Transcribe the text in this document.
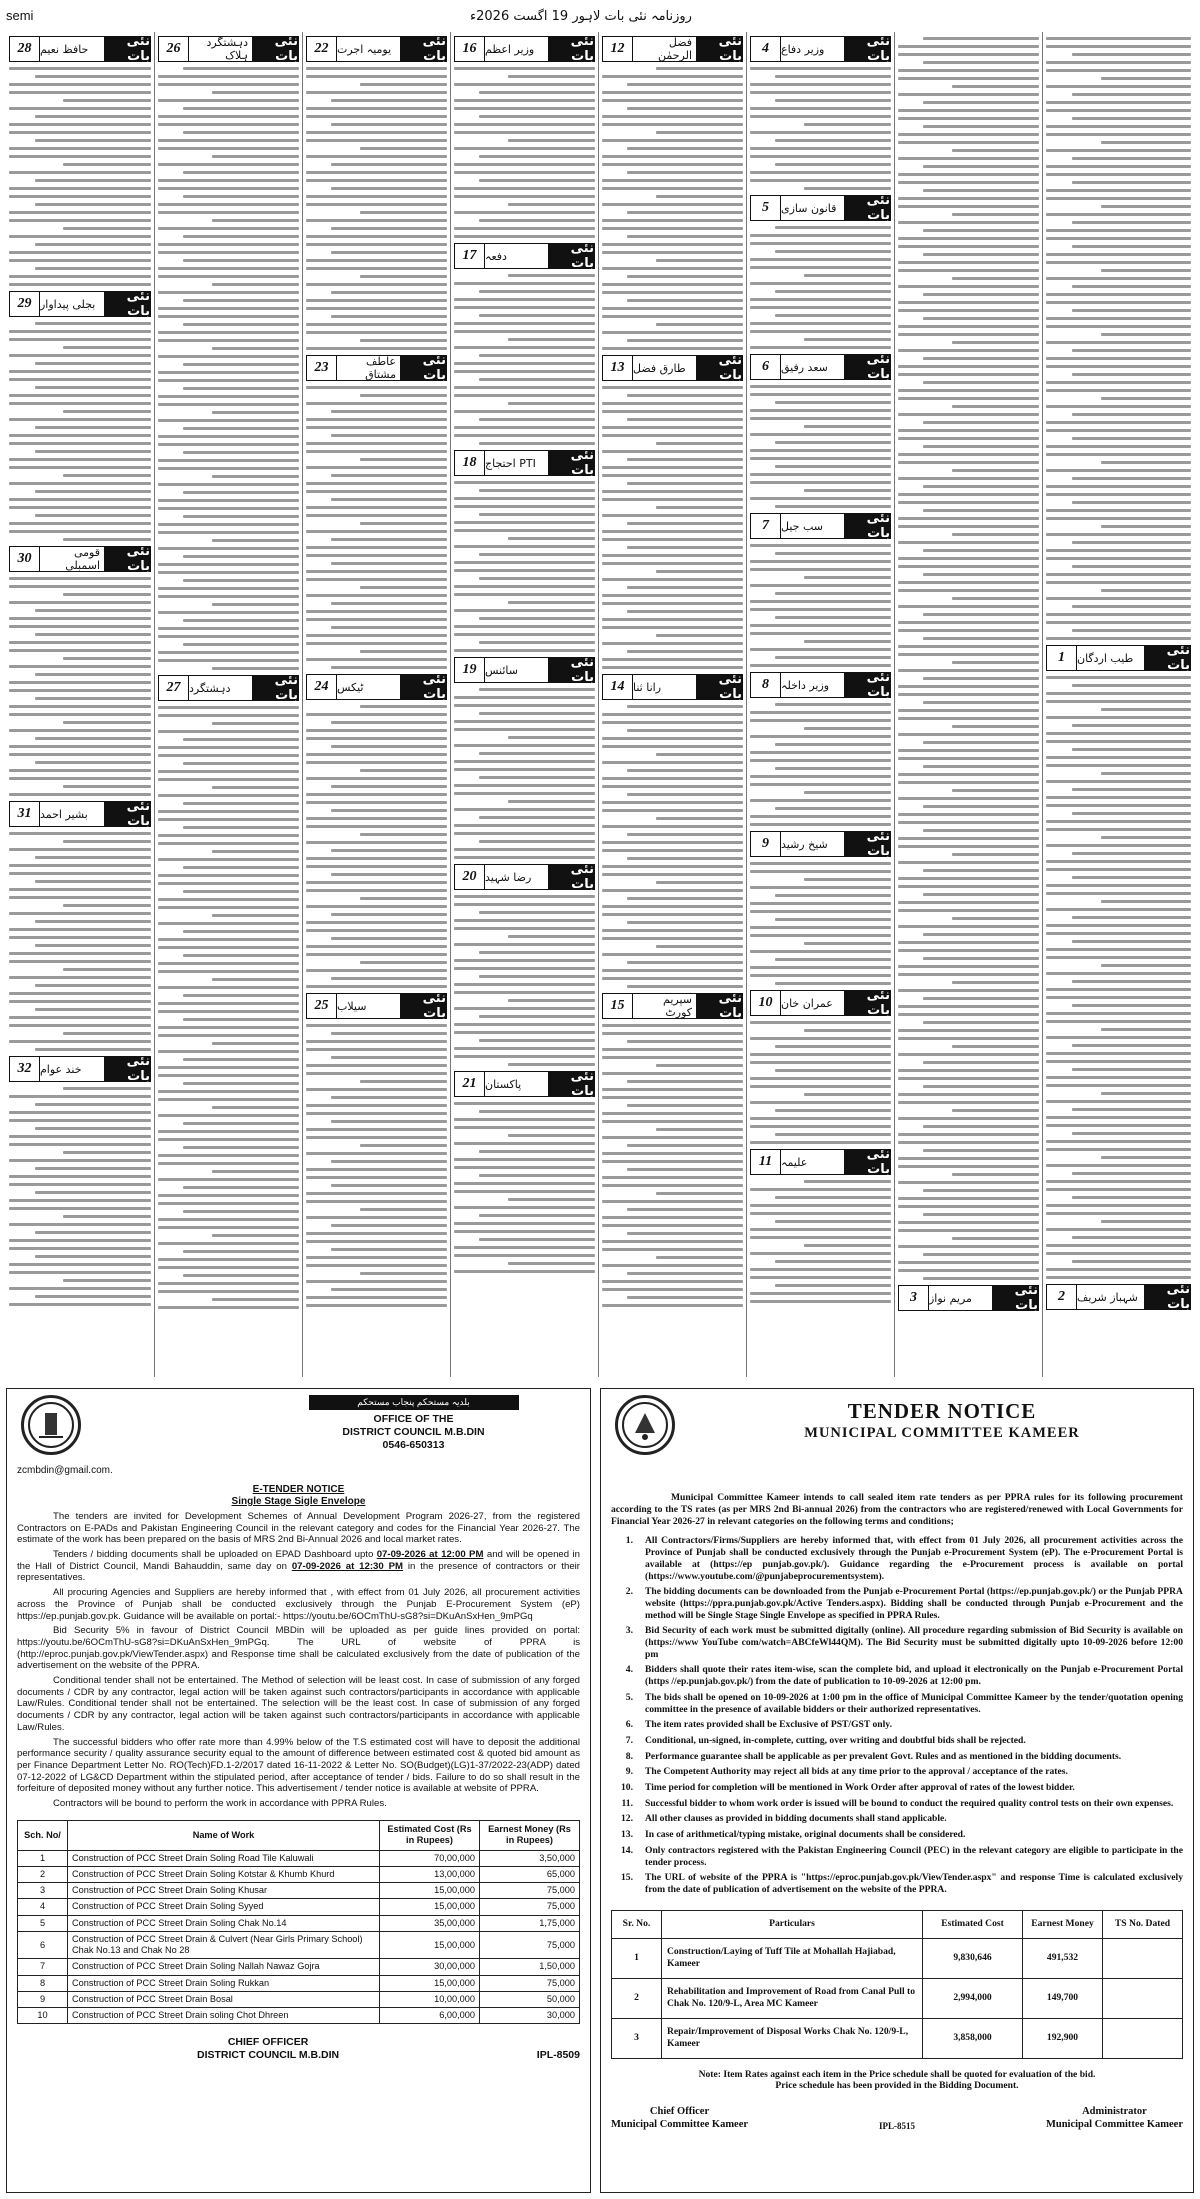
semi	روزنامہ نئی بات لاہور 19 اگست 2026ء
28 حافظ نعیم	نئی بات
29 بجلی پیداوار	نئی بات
30	قومی اسمبلی
نئی بات
31 بشیر احمد	نئی بات
32 خند عوام	نئی بات
26	دہشتگرد ہلاک
نئی بات
27 دہشتگرد	نئی بات
22 یومیہ اجرت	نئی بات
23	عاطف مشتاق
نئی بات
24 ٹیکس	نئی بات
25 سیلاب	نئی بات
16 وزیر اعظم	نئی بات
17 دفعہ	نئی بات
18 PTI احتجاج	نئی بات
19 سائنس	نئی بات
20 رضا شہید	نئی بات
21 پاکستان	نئی بات
12	فضل الرحمٰن
نئی بات
13 طارق فضل	نئی بات
14 رانا ثنا	نئی بات
15	سپریم کورٹ
نئی بات
4	وزیر دفاع	نئی بات
5	قانون سازی	نئی بات
6	سعد رفیق	نئی بات
7	سب جیل	نئی بات
8	وزیر داخلہ	نئی بات
9	شیخ رشید	نئی بات
10 عمران خان	نئی بات
11 علیمہ	نئی بات
3	مریم نواز	نئی بات
1	طیب اردگان	نئی بات
2	شہباز شریف	نئی بات
بلدیہ مستحکم پنجاب مستحکم
OFFICE OF THE
DISTRICT COUNCIL M.B.DIN
0546-650313
zcmbdin@gmail.com.
E-TENDER NOTICE
Single Stage Sigle Envelope

The tenders are invited for Development Schemes of Annual Development Program 2026-27, from the registered Contractors on E-PADs and Pakistan Engineering Council in the relevant category and codes for the Financial Year 2026-27. The estimate of the work has been prepared on the basis of MRS 2nd Bi-Annual 2026 and local market rates.

Tenders / bidding documents shall be uploaded on EPAD Dashboard upto 07-09-2026 at 12:00 PM and will be opened in the Hall of District Council, Mandi Bahauddin, same day on 07-09-2026 at 12:30 PM in the presence of contractors or their representatives.

All procuring Agencies and Suppliers are hereby informed that , with effect from 01 July 2026, all procurement activities across the Province of Punjab shall be conducted exclusively through the Punjab E-Procurement System (eP) https://ep.punjab.gov.pk. Guidance will be available on portal:- https://youtu.be/6OCmThU-sG8?si=DKuAnSxHen_9mPGq

Bid Security 5% in favour of District Council MBDin will be uploaded as per guide lines provided on portal: https://youtu.be/6OCmThU-sG8?si=DKuAnSxHen_9mPGq. The URL of website of PPRA is (http://eproc.punjab.gov.pk/ViewTender.aspx) and Response time shall be calculated exclusively from the date of publication of the advertisement on the website of the PPRA.

Conditional tender shall not be entertained. The Method of selection will be least cost. In case of submission of any forged documents / CDR by any contractor, legal action will be taken against such contractors/participants in accordance with applicable Law/Rules. Conditional tender shall not be entertained. The selection will be the least cost. In case of submission of any forged documents / CDR by any contractor, legal action will be taken against such contractors/participants in accordance with applicable Law/Rules.

The successful bidders who offer rate more than 4.99% below of the T.S estimated cost will have to deposit the additional performance security / quality assurance security equal to the amount of difference between estimated cost & quoted bid amount as per Finance Department Letter No. RO(Tech)FD.1-2/2017 dated 16-11-2022 & Letter No. SO(Budget)(LG)1-37/2022-23(ADP) dated 07-12-2022 of LG&CD Department within the stipulated period, after acceptance of tender / bids. Failure to do so shall result in the forfeiture of deposited money without any further notice. This advertisement / tender notice is available at website of PPRA.

Contractors will be bound to perform the work in accordance with PPRA Rules.

Sch. No/	Name of Work	Estimated Cost (Rs in Rupees)	Earnest Money (Rs in Rupees)
1	Construction of PCC Street Drain Soling Road Tile Kaluwali	70,00,000	3,50,000
2	Construction of PCC Street Drain Soling Kotstar & Khumb Khurd	13,00,000	65,000
3	Construction of PCC Street Drain Soling Khusar	15,00,000	75,000
4	Construction of PCC Street Drain Soling Syyed	15,00,000	75,000
5	Construction of PCC Street Drain Soling Chak No.14	35,00,000	1,75,000
6	Construction of PCC Street Drain & Culvert (Near Girls Primary School) Chak No.13 and Chak No 28	15,00,000	75,000
7	Construction of PCC Street Drain Soling Nallah Nawaz Gojra	30,00,000	1,50,000
8	Construction of PCC Street Drain Soling Rukkan	15,00,000	75,000
9	Construction of PCC Street Drain Bosal	10,00,000	50,000
10	Construction of PCC Street Drain soling Chot Dhreen	6,00,000	30,000
CHIEF OFFICER
DISTRICT COUNCIL M.B.DIN	IPL-8509
TENDER NOTICE
MUNICIPAL COMMITTEE KAMEER

Municipal Committee Kameer intends to call sealed item rate tenders as per PPRA rules for its following procurement according to the TS rates (as per MRS 2nd Bi-annual 2026) from the contractors who are registered/renewed with Local Governments for Financial Year 2026-27 in relevant categories on the following terms and conditions;

1.	All Contractors/Firms/Suppliers are hereby informed that, with effect from 01 July 2026, all procurement activities across the Province of Punjab shall be conducted exclusively through the Punjab e-Procurement System (eP). The e-Procurement Portal is available at (https://ep punjab.gov.pk/). Guidance regarding the e-Procurement process is available on portal (https://www.youtube.com/@punjabeprocurementsystem).
2.	The bidding documents can be downloaded from the Punjab e-Procurement Portal (https://ep.punjab.gov.pk/) or the Punjab PPRA website (https://ppra.punjab.gov.pk/Active Tenders.aspx). Bidding shall be conducted through Punjab e-Procurement and the method will be Single Stage Single Envelope as specified in PPRA Rules.
3.	Bid Security of each work must be submitted digitally (online). All procedure regarding submission of Bid Security is available on (https://www YouTube com/watch=ABCfeWl44QM). The Bid Security must be submitted digitally upto 10-09-2026 before 12:00 pm
4.	Bidders shall quote their rates item-wise, scan the complete bid, and upload it electronically on the Punjab e-Procurement Portal (https //ep.punjab.gov.pk/) from the date of publication to 10-09-2026 at 12:00 pm.
5.	The bids shall be opened on 10-09-2026 at 1:00 pm in the office of Municipal Committee Kameer by the tender/quotation opening committee in the presence of available bidders or their authorized representatives.
6.	The item rates provided shall be Exclusive of PST/GST only.
7.	Conditional, un-signed, in-complete, cutting, over writing and doubtful bids shall be rejected.
8.	Performance guarantee shall be applicable as per prevalent Govt. Rules and as mentioned in the bidding documents.
9.	The Competent Authority may reject all bids at any time prior to the approval / acceptance of the rates.
10.	Time period for completion will be mentioned in Work Order after approval of rates of the lowest bidder.
11.	Successful bidder to whom work order is issued will be bound to conduct the required quality control tests on their own expenses.
12.	All other clauses as provided in bidding documents shall stand applicable.
13.	In case of arithmetical/typing mistake, original documents shall be considered.
14.	Only contractors registered with the Pakistan Engineering Council (PEC) in the relevant category are eligible to participate in the tender process.
15.	The URL of website of the PPRA is "https://eproc.punjab.gov.pk/ViewTender.aspx" and response Time is calculated exclusively from the date of publication of advertisement on the website of the PPRA.
Sr. No.	Particulars	Estimated Cost	Earnest Money	TS No. Dated
1	Construction/Laying of Tuff Tile at Mohallah Hajiabad, Kameer	9,830,646	491,532	
2	Rehabilitation and Improvement of Road from Canal Pull to Chak No. 120/9-L, Area MC Kameer	2,994,000	149,700	
3	Repair/Improvement of Disposal Works Chak No. 120/9-L, Kameer	3,858,000	192,900	
Note: Item Rates against each item in the Price schedule shall be quoted for evaluation of the bid.
Price schedule has been provided in the Bidding Document.
Chief Officer
Municipal Committee Kameer	IPL-8515
Administrator
Municipal Committee Kameer
